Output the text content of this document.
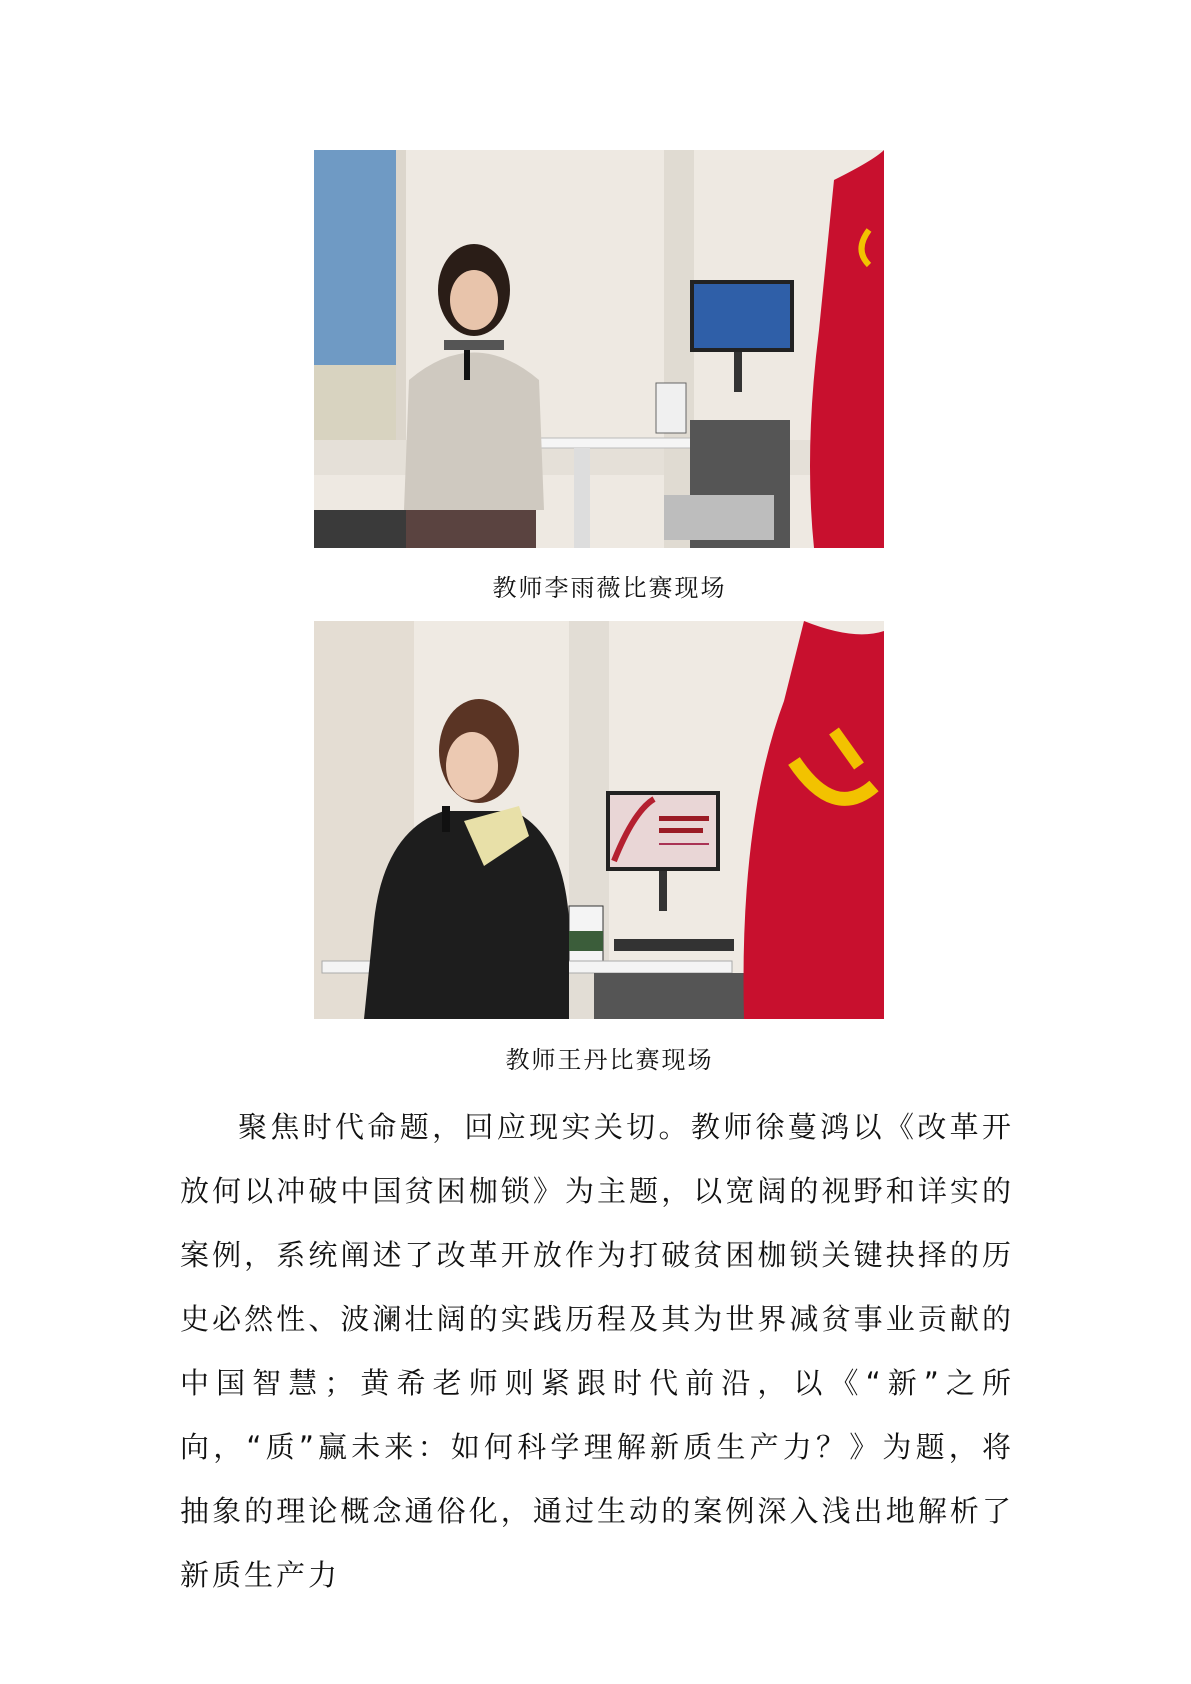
教师李雨薇比赛现场
教师王丹比赛现场
聚焦时代命题，回应现实关切。教师徐蔓鸿以《改革开放何以冲破中国贫困枷锁》为主题，以宽阔的视野和详实的案例，系统阐述了改革开放作为打破贫困枷锁关键抉择的历史必然性、波澜壮阔的实践历程及其为世界减贫事业贡献的中国智慧；黄希老师则紧跟时代前沿，以《“新”之所向，“质”赢未来：如何科学理解新质生产力？》为题，将抽象的理论概念通俗化，通过生动的案例深入浅出地解析了新质生产力
